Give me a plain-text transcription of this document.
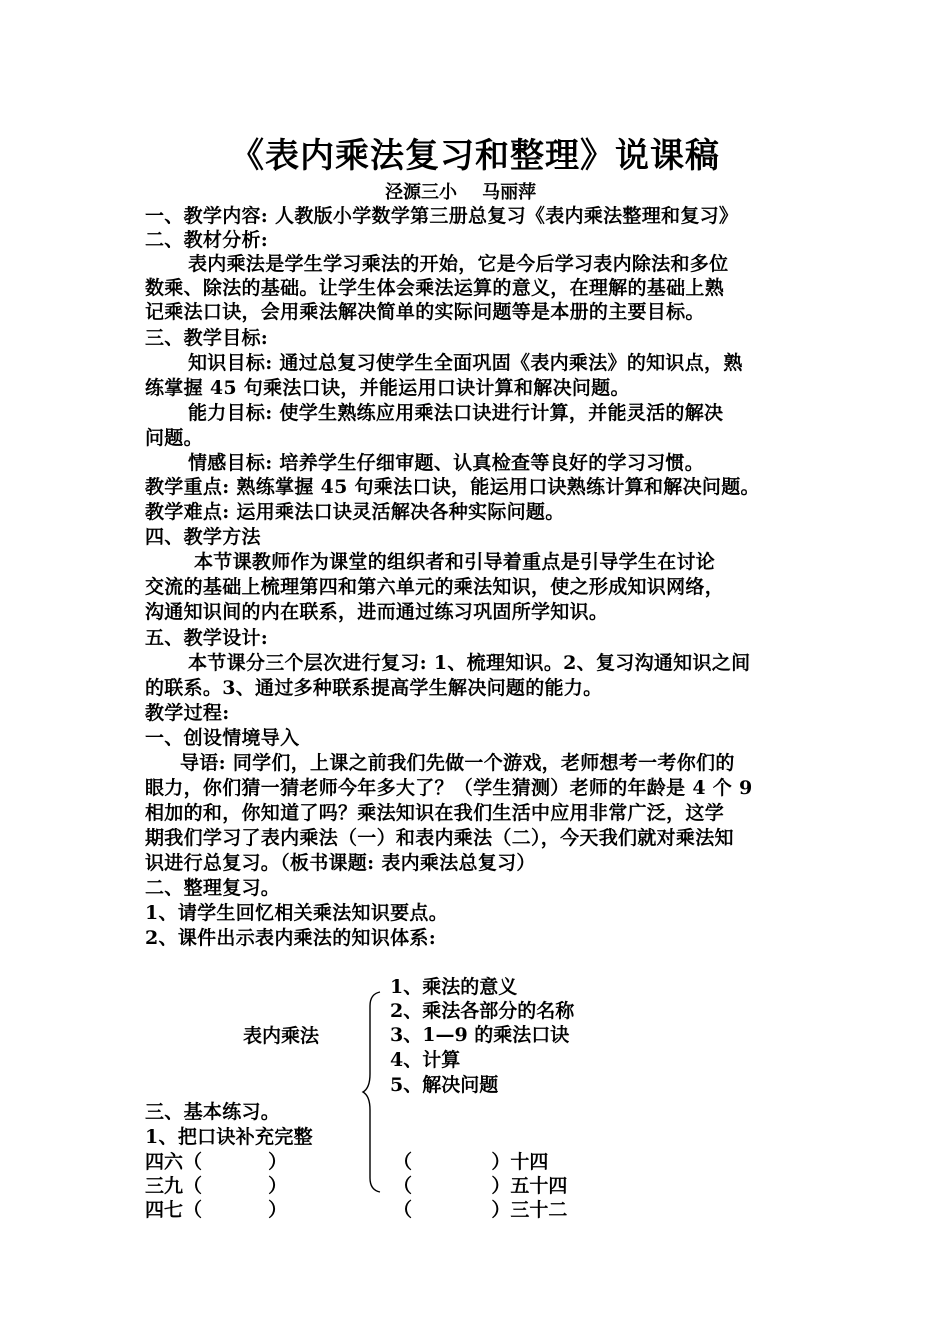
《表内乘法复习和整理》说课稿
泾源三小    马丽萍
一、教学内容: 人教版小学数学第三册总复习《表内乘法整理和复习》
二、教材分析:
表内乘法是学生学习乘法的开始，它是今后学习表内除法和多位
数乘、除法的基础。让学生体会乘法运算的意义，在理解的基础上熟
记乘法口诀，会用乘法解决简单的实际问题等是本册的主要目标。
三、教学目标:
知识目标: 通过总复习使学生全面巩固《表内乘法》的知识点，熟
练掌握 45 句乘法口诀，并能运用口诀计算和解决问题。
能力目标: 使学生熟练应用乘法口诀进行计算，并能灵活的解决
问题。
情感目标: 培养学生仔细审题、认真检查等良好的学习习惯。
教学重点: 熟练掌握 45 句乘法口诀，能运用口诀熟练计算和解决问题。
教学难点: 运用乘法口诀灵活解决各种实际问题。
四、教学方法
本节课教师作为课堂的组织者和引导着重点是引导学生在讨论
交流的基础上梳理第四和第六单元的乘法知识，使之形成知识网络，
沟通知识间的内在联系，进而通过练习巩固所学知识。
五、教学设计:
本节课分三个层次进行复习: 1、梳理知识。2、复习沟通知识之间
的联系。3、通过多种联系提高学生解决问题的能力。
教学过程:
一、创设情境导入
导语: 同学们，上课之前我们先做一个游戏，老师想考一考你们的
眼力，你们猜一猜老师今年多大了？（学生猜测）老师的年龄是 4 个 9
相加的和，你知道了吗？乘法知识在我们生活中应用非常广泛，这学
期我们学习了表内乘法（一）和表内乘法（二），今天我们就对乘法知
识进行总复习。（板书课题: 表内乘法总复习）
二、整理复习。
1、请学生回忆相关乘法知识要点。
2、课件出示表内乘法的知识体系:
表内乘法
1、乘法的意义
2、乘法各部分的名称
3、1—9 的乘法口诀
4、计算
5、解决问题
三、基本练习。
1、把口诀补充完整
四六（          ）
三九（          ）
四七（          ）
（            ）十四
（            ）五十四
（            ）三十二
